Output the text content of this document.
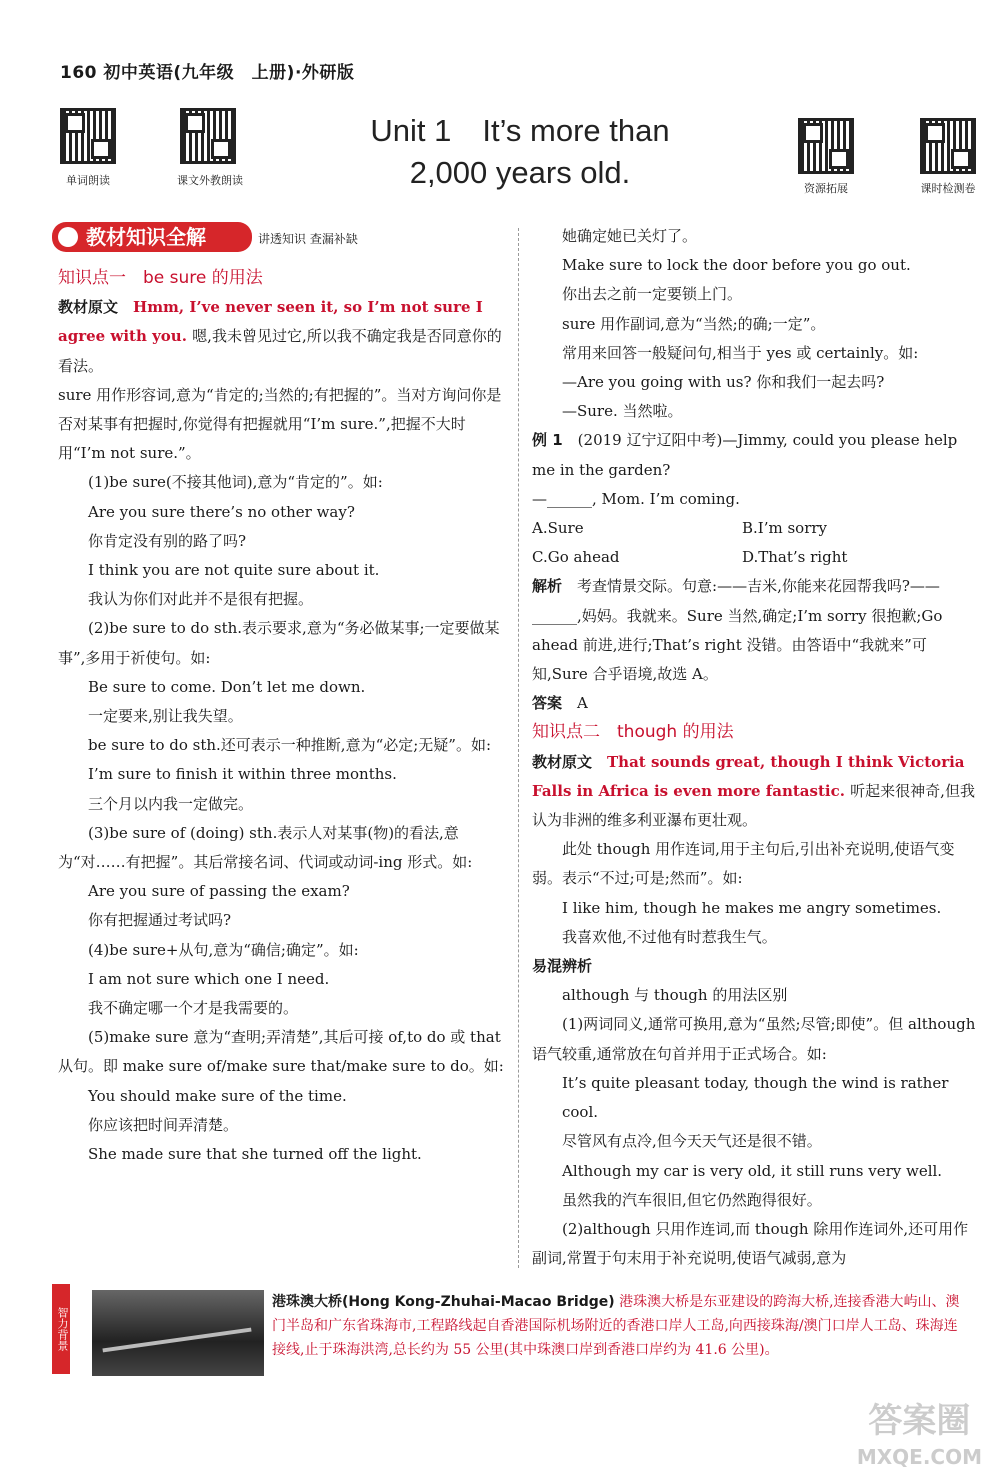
160 初中英语(九年级　上册)·外研版
单词朗读	课文外教朗读
资源拓展	课时检测卷
Unit 1　It’s more than
2,000 years old.
教材知识全解	讲透知识 查漏补缺

知识点一　be sure 的用法

教材原文　Hmm, I’ve never seen it, so I’m not sure I agree with you. 嗯,我未曾见过它,所以我不确定我是否同意你的看法。

sure 用作形容词,意为“肯定的;当然的;有把握的”。当对方询问你是否对某事有把握时,你觉得有把握就用“I’m sure.”,把握不大时用“I’m not sure.”。

(1)be sure(不接其他词),意为“肯定的”。如:

Are you sure there’s no other way?

你肯定没有别的路了吗?

I think you are not quite sure about it.

我认为你们对此并不是很有把握。

　　(2)be sure to do sth.表示要求,意为“务必做某事;一定要做某事”,多用于祈使句。如:

Be sure to come. Don’t let me down.

一定要来,别让我失望。

　　be sure to do sth.还可表示一种推断,意为“必定;无疑”。如:

I’m sure to finish it within three months.

三个月以内我一定做完。

　　(3)be sure of (doing) sth.表示人对某事(物)的看法,意为“对……有把握”。其后常接名词、代词或动词-ing 形式。如:

Are you sure of passing the exam?

你有把握通过考试吗?

(4)be sure+从句,意为“确信;确定”。如:

I am not sure which one I need.

我不确定哪一个才是我需要的。

　　(5)make sure 意为“查明;弄清楚”,其后可接 of,to do 或 that 从句。即 make sure of/make sure that/make sure to do。如:

You should make sure of the time.

你应该把时间弄清楚。

She made sure that she turned off the light.

她确定她已关灯了。

Make sure to lock the door before you go out.

你出去之前一定要锁上门。

sure 用作副词,意为“当然;的确;一定”。

常用来回答一般疑问句,相当于 yes 或 certainly。如:

—Are you going with us? 你和我们一起去吗?

—Sure. 当然啦。

例 1　(2019 辽宁辽阳中考)—Jimmy, could you please help me in the garden?

—______, Mom. I’m coming.

A.Sure	B.I’m sorry

C.Go ahead	D.That’s right

解析　考查情景交际。句意:——吉米,你能来花园帮我吗?——______,妈妈。我就来。Sure 当然,确定;I’m sorry 很抱歉;Go ahead 前进,进行;That’s right 没错。由答语中“我就来”可知,Sure 合乎语境,故选 A。

答案　A

知识点二　though 的用法

教材原文　That sounds great, though I think Victoria Falls in Africa is even more fantastic. 听起来很神奇,但我认为非洲的维多利亚瀑布更壮观。

　　此处 though 用作连词,用于主句后,引出补充说明,使语气变弱。表示“不过;可是;然而”。如:

I like him, though he makes me angry sometimes.

我喜欢他,不过他有时惹我生气。

易混辨析

although 与 though 的用法区别

　　(1)两词同义,通常可换用,意为“虽然;尽管;即使”。但 although 语气较重,通常放在句首并用于正式场合。如:

It’s quite pleasant today, though the wind is rather cool.

尽管风有点冷,但今天天气还是很不错。

Although my car is very old, it still runs very well.

虽然我的汽车很旧,但它仍然跑得很好。

　　(2)although 只用作连词,而 though 除用作连词外,还可用作副词,常置于句末用于补充说明,使语气减弱,意为

智力背景
港珠澳大桥(Hong Kong-Zhuhai-Macao Bridge) 港珠澳大桥是东亚建设的跨海大桥,连接香港大屿山、澳门半岛和广东省珠海市,工程路线起自香港国际机场附近的香港口岸人工岛,向西接珠海/澳门口岸人工岛、珠海连接线,止于珠海洪湾,总长约为 55 公里(其中珠澳口岸到香港口岸约为 41.6 公里)。
答案圈
MXQE.COM
